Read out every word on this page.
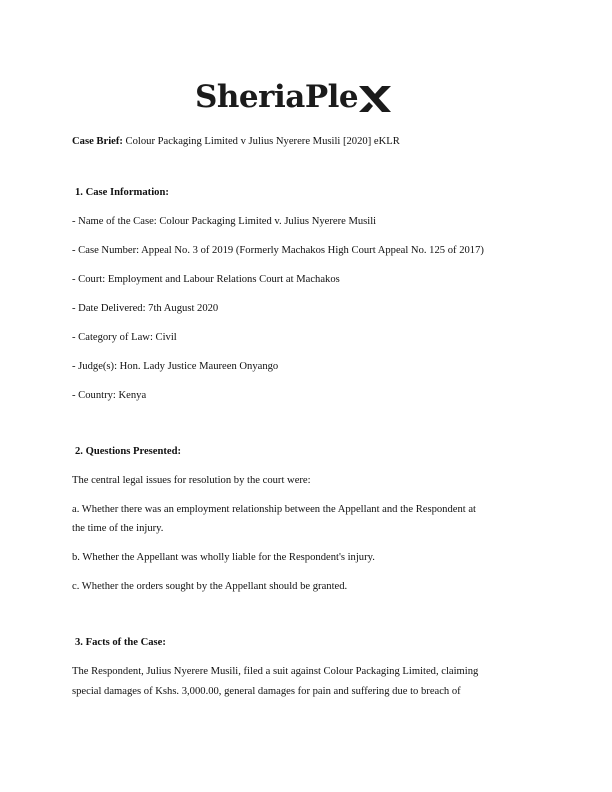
SheriaPle
Case Brief: Colour Packaging Limited v Julius Nyerere Musili [2020] eKLR
1. Case Information:
- Name of the Case: Colour Packaging Limited v. Julius Nyerere Musili
- Case Number: Appeal No. 3 of 2019 (Formerly Machakos High Court Appeal No. 125 of 2017)
- Court: Employment and Labour Relations Court at Machakos
- Date Delivered: 7th August 2020
- Category of Law: Civil
- Judge(s): Hon. Lady Justice Maureen Onyango
- Country: Kenya
2. Questions Presented:
The central legal issues for resolution by the court were:
a. Whether there was an employment relationship between the Appellant and the Respondent at
the time of the injury.
b. Whether the Appellant was wholly liable for the Respondent's injury.
c. Whether the orders sought by the Appellant should be granted.
3. Facts of the Case:
The Respondent, Julius Nyerere Musili, filed a suit against Colour Packaging Limited, claiming
special damages of Kshs. 3,000.00, general damages for pain and suffering due to breach of
